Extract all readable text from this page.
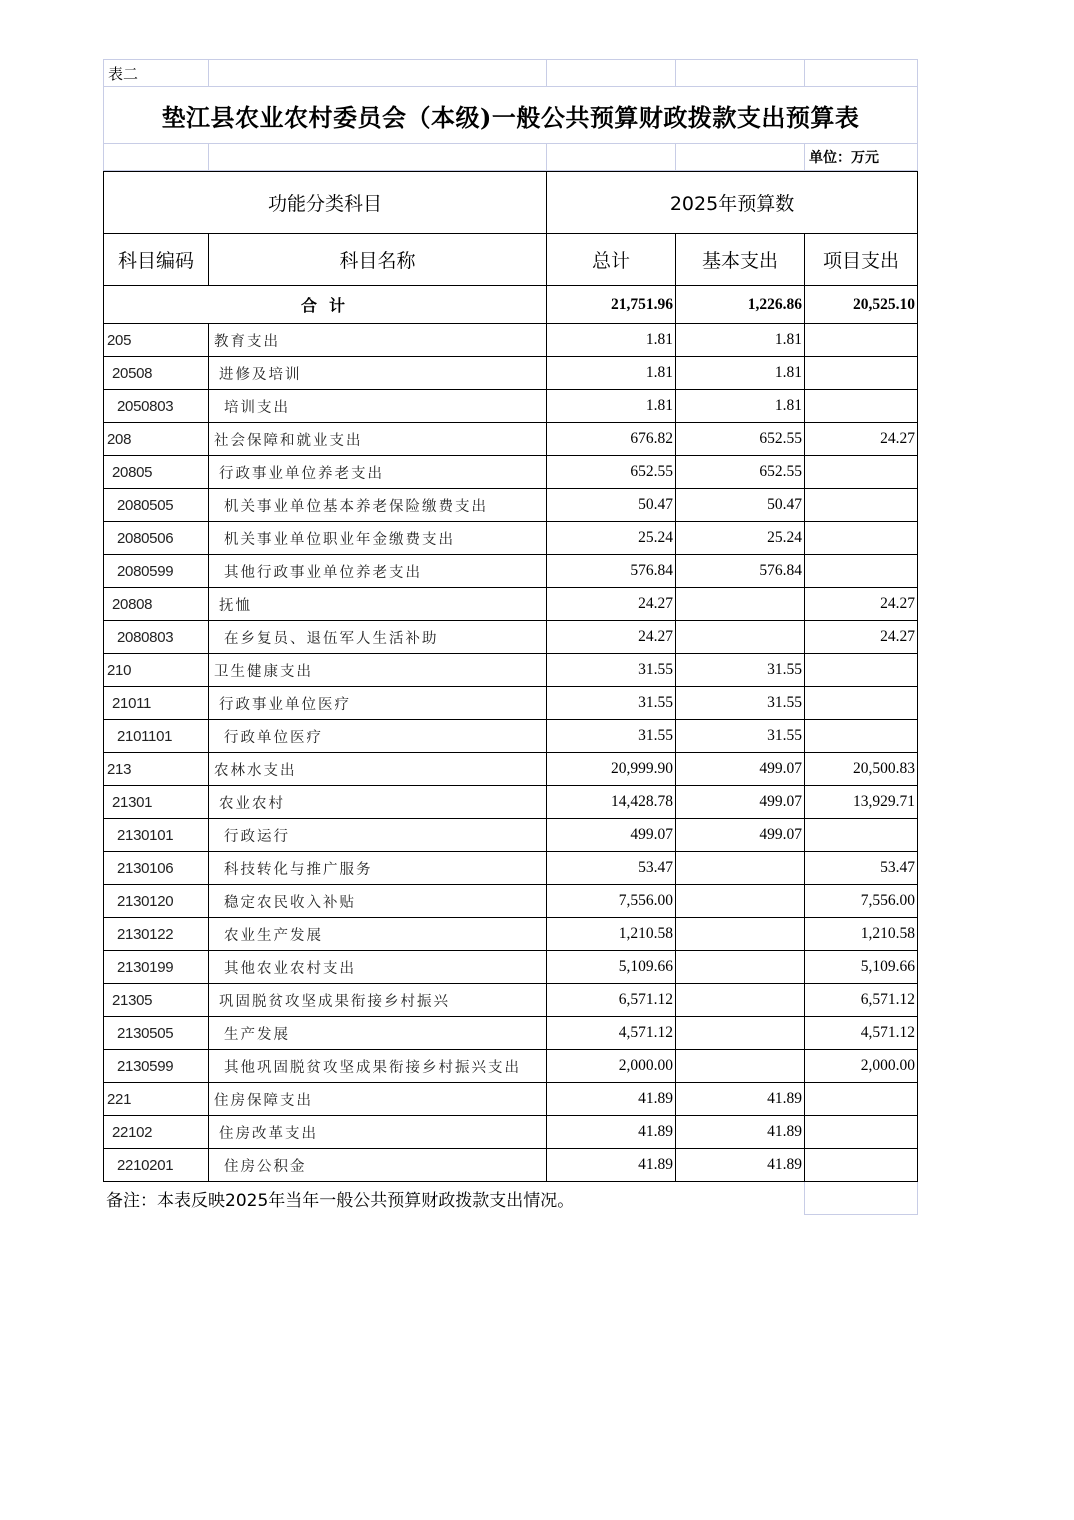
表二				
垫江县农业农村委员会（本级)一般公共预算财政拨款支出预算表				
				单位：万元
功能分类科目		2025年预算数		
科目编码	科目名称	总计	基本支出	项目支出
合 计		21,751.96	1,226.86	20,525.10
205	教育支出	1.81	1.81	
20508	进修及培训	1.81	1.81	
2050803	培训支出	1.81	1.81	
208	社会保障和就业支出	676.82	652.55	24.27
20805	行政事业单位养老支出	652.55	652.55	
2080505	机关事业单位基本养老保险缴费支出	50.47	50.47	
2080506	机关事业单位职业年金缴费支出	25.24	25.24	
2080599	其他行政事业单位养老支出	576.84	576.84	
20808	抚恤	24.27		24.27
2080803	在乡复员、退伍军人生活补助	24.27		24.27
210	卫生健康支出	31.55	31.55	
21011	行政事业单位医疗	31.55	31.55	
2101101	行政单位医疗	31.55	31.55	
213	农林水支出	20,999.90	499.07	20,500.83
21301	农业农村	14,428.78	499.07	13,929.71
2130101	行政运行	499.07	499.07	
2130106	科技转化与推广服务	53.47		53.47
2130120	稳定农民收入补贴	7,556.00		7,556.00
2130122	农业生产发展	1,210.58		1,210.58
2130199	其他农业农村支出	5,109.66		5,109.66
21305	巩固脱贫攻坚成果衔接乡村振兴	6,571.12		6,571.12
2130505	生产发展	4,571.12		4,571.12
2130599	其他巩固脱贫攻坚成果衔接乡村振兴支出	2,000.00		2,000.00
221	住房保障支出	41.89	41.89	
22102	住房改革支出	41.89	41.89	
2210201	住房公积金	41.89	41.89	
备注：本表反映2025年当年一般公共预算财政拨款支出情况。	
